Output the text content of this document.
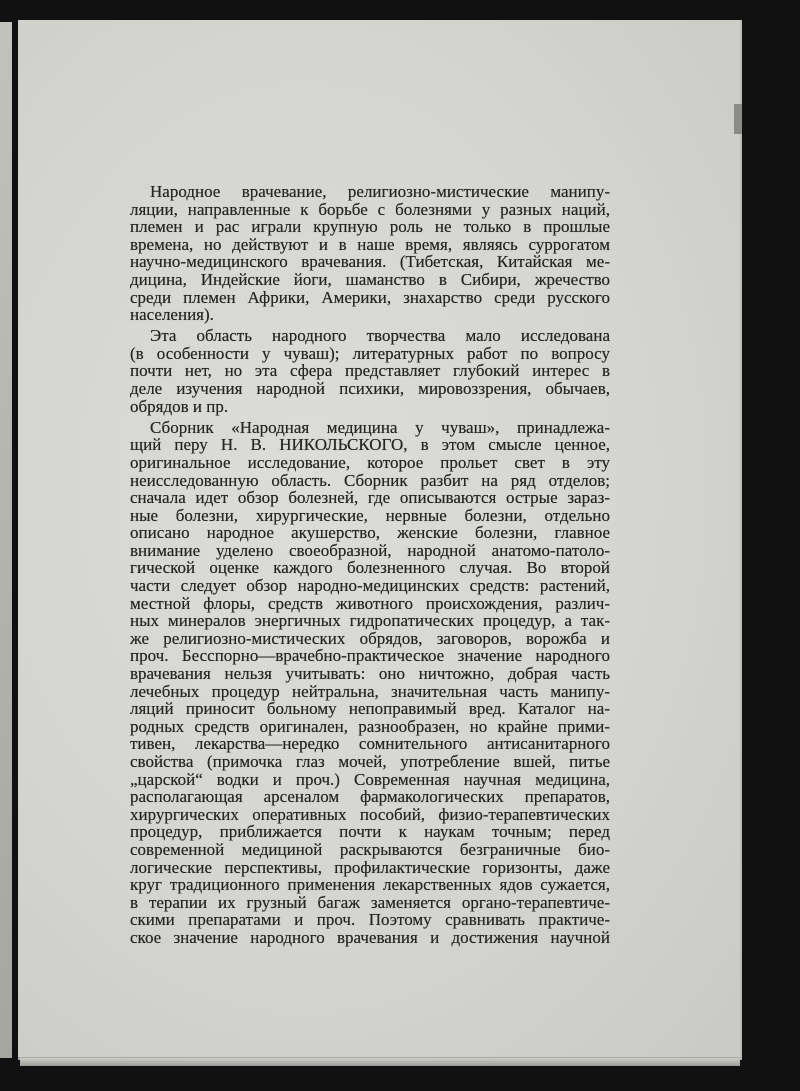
Народное врачевание, религиозно-мистические манипу-
ляции, направленные к борьбе с болезнями у разных наций,
племен и рас играли крупную роль не только в прошлые
времена, но действуют и в наше время, являясь суррогатом
научно-медицинского врачевания. (Тибетская, Китайская ме-
дицина, Индейские йоги, шаманство в Сибири, жречество
среди племен Африки, Америки, знахарство среди русского
населения).
Эта область народного творчества мало исследована
(в особенности у чуваш); литературных работ по вопросу
почти нет, но эта сфера представляет глубокий интерес в
деле изучения народной психики, мировоззрения, обычаев,
обрядов и пр.
Сборник «Народная медицина у чуваш», принадлежа-
щий перу Н. В. НИКОЛЬСКОГО, в этом смысле ценное,
оригинальное исследование, которое прольет свет в эту
неисследованную область. Сборник разбит на ряд отделов;
сначала идет обзор болезней, где описываются острые зараз-
ные болезни, хирургические, нервные болезни, отдельно
описано народное акушерство, женские болезни, главное
внимание уделено своеобразной, народной анатомо-патоло-
гической оценке каждого болезненного случая. Во второй
части следует обзор народно-медицинских средств: растений,
местной флоры, средств животного происхождения, различ-
ных минералов энергичных гидропатических процедур, а так-
же религиозно-мистических обрядов, заговоров, ворожба и
проч. Бесспорно—врачебно-практическое значение народного
врачевания нельзя учитывать: оно ничтожно, добрая часть
лечебных процедур нейтральна, значительная часть манипу-
ляций приносит больному непоправимый вред. Каталог на-
родных средств оригинален, разнообразен, но крайне прими-
тивен, лекарства—нередко сомнительного антисанитарного
свойства (примочка глаз мочей, употребление вшей, питье
„царской“ водки и проч.) Современная научная медицина,
располагающая арсеналом фармакологических препаратов,
хирургических оперативных пособий, физио-терапевтических
процедур, приближается почти к наукам точным; перед
современной медициной раскрываются безграничные био-
логические перспективы, профилактические горизонты, даже
круг традиционного применения лекарственных ядов сужается,
в терапии их грузный багаж заменяется органо-терапевтиче-
скими препаратами и проч. Поэтому сравнивать практиче-
ское значение народного врачевания и достижения научной
